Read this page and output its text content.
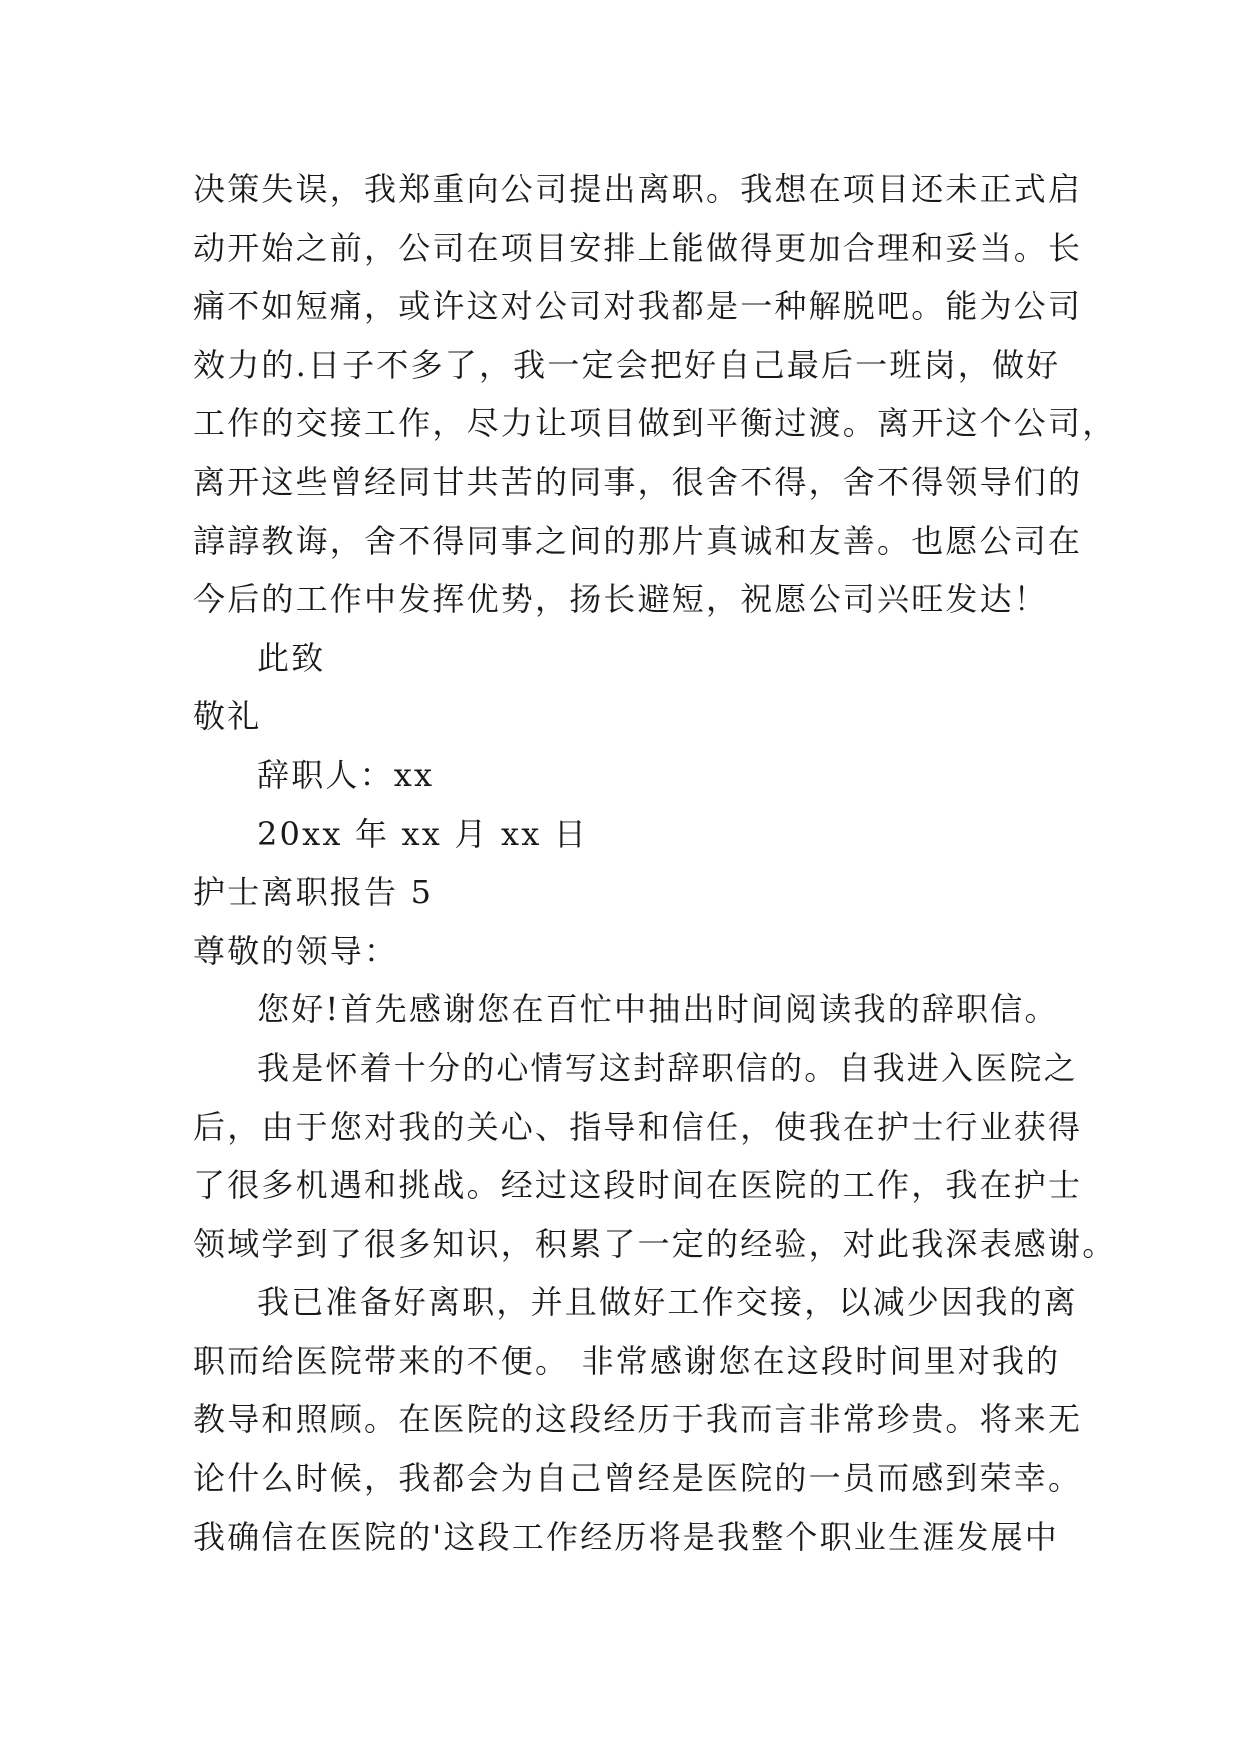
决策失误，我郑重向公司提出离职。我想在项目还未正式启
动开始之前，公司在项目安排上能做得更加合理和妥当。长
痛不如短痛，或许这对公司对我都是一种解脱吧。能为公司
效力的.日子不多了，我一定会把好自己最后一班岗，做好
工作的交接工作，尽力让项目做到平衡过渡。离开这个公司，
离开这些曾经同甘共苦的同事，很舍不得，舍不得领导们的
諄諄教诲，舍不得同事之间的那片真诚和友善。也愿公司在
今后的工作中发挥优势，扬长避短，祝愿公司兴旺发达！
此致
敬礼
辞职人：xx
20xx 年 xx 月 xx 日
护士离职报告 5
尊敬的领导：
您好!首先感谢您在百忙中抽出时间阅读我的辞职信。
我是怀着十分的心情写这封辞职信的。自我进入医院之
后，由于您对我的关心、指导和信任，使我在护士行业获得
了很多机遇和挑战。经过这段时间在医院的工作，我在护士
领域学到了很多知识，积累了一定的经验，对此我深表感谢。
我已准备好离职，并且做好工作交接，以减少因我的离
职而给医院带来的不便。 非常感谢您在这段时间里对我的
教导和照顾。在医院的这段经历于我而言非常珍贵。将来无
论什么时候，我都会为自己曾经是医院的一员而感到荣幸。
我确信在医院的'这段工作经历将是我整个职业生涯发展中
